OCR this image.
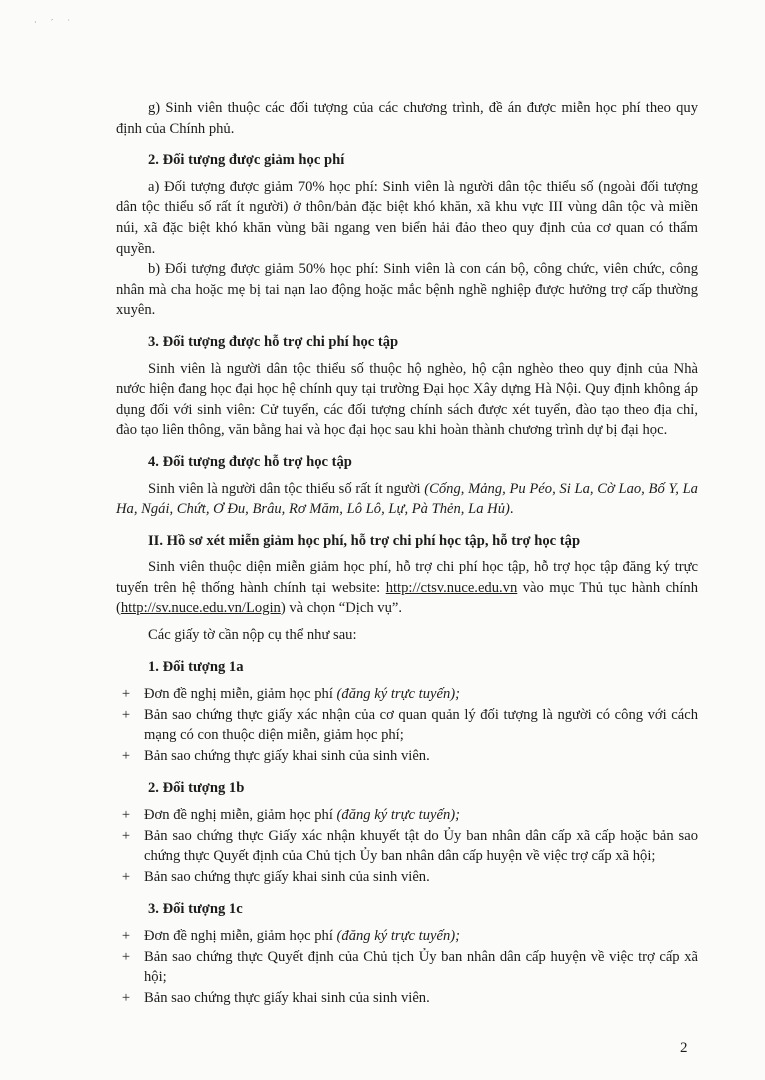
· ´ ˙

g) Sinh viên thuộc các đối tượng của các chương trình, đề án được miễn học phí theo quy định của Chính phủ.

2. Đối tượng được giảm học phí

a) Đối tượng được giảm 70% học phí: Sinh viên là người dân tộc thiểu số (ngoài đối tượng dân tộc thiểu số rất ít người) ở thôn/bản đặc biệt khó khăn, xã khu vực III vùng dân tộc và miền núi, xã đặc biệt khó khăn vùng bãi ngang ven biển hải đảo theo quy định của cơ quan có thẩm quyền.

b) Đối tượng được giảm 50% học phí: Sinh viên là con cán bộ, công chức, viên chức, công nhân mà cha hoặc mẹ bị tai nạn lao động hoặc mắc bệnh nghề nghiệp được hưởng trợ cấp thường xuyên.

3. Đối tượng được hỗ trợ chi phí học tập

Sinh viên là người dân tộc thiểu số thuộc hộ nghèo, hộ cận nghèo theo quy định của Nhà nước hiện đang học đại học hệ chính quy tại trường Đại học Xây dựng Hà Nội. Quy định không áp dụng đối với sinh viên: Cử tuyển, các đối tượng chính sách được xét tuyển, đào tạo theo địa chỉ, đào tạo liên thông, văn bằng hai và học đại học sau khi hoàn thành chương trình dự bị đại học.

4. Đối tượng được hỗ trợ học tập

Sinh viên là người dân tộc thiểu số rất ít người (Cống, Mảng, Pu Péo, Si La, Cờ Lao, Bố Y, La Ha, Ngái, Chứt, Ơ Đu, Brâu, Rơ Măm, Lô Lô, Lự, Pà Thẻn, La Hủ).

II. Hồ sơ xét miễn giảm học phí, hỗ trợ chi phí học tập, hỗ trợ học tập

Sinh viên thuộc diện miễn giảm học phí, hỗ trợ chi phí học tập, hỗ trợ học tập đăng ký trực tuyến trên hệ thống hành chính tại website: http://ctsv.nuce.edu.vn vào mục Thủ tục hành chính (http://sv.nuce.edu.vn/Login) và chọn “Dịch vụ”.

Các giấy tờ cần nộp cụ thể như sau:

1. Đối tượng 1a

+ Đơn đề nghị miễn, giảm học phí (đăng ký trực tuyến);
+ Bản sao chứng thực giấy xác nhận của cơ quan quản lý đối tượng là người có công với cách mạng có con thuộc diện miễn, giảm học phí;
+ Bản sao chứng thực giấy khai sinh của sinh viên.

2. Đối tượng 1b

+ Đơn đề nghị miễn, giảm học phí (đăng ký trực tuyến);
+ Bản sao chứng thực Giấy xác nhận khuyết tật do Ủy ban nhân dân cấp xã cấp hoặc bản sao chứng thực Quyết định của Chủ tịch Ủy ban nhân dân cấp huyện về việc trợ cấp xã hội;
+ Bản sao chứng thực giấy khai sinh của sinh viên.

3. Đối tượng 1c

+ Đơn đề nghị miễn, giảm học phí (đăng ký trực tuyến);
+ Bản sao chứng thực Quyết định của Chủ tịch Ủy ban nhân dân cấp huyện về việc trợ cấp xã hội;
+ Bản sao chứng thực giấy khai sinh của sinh viên.
2
